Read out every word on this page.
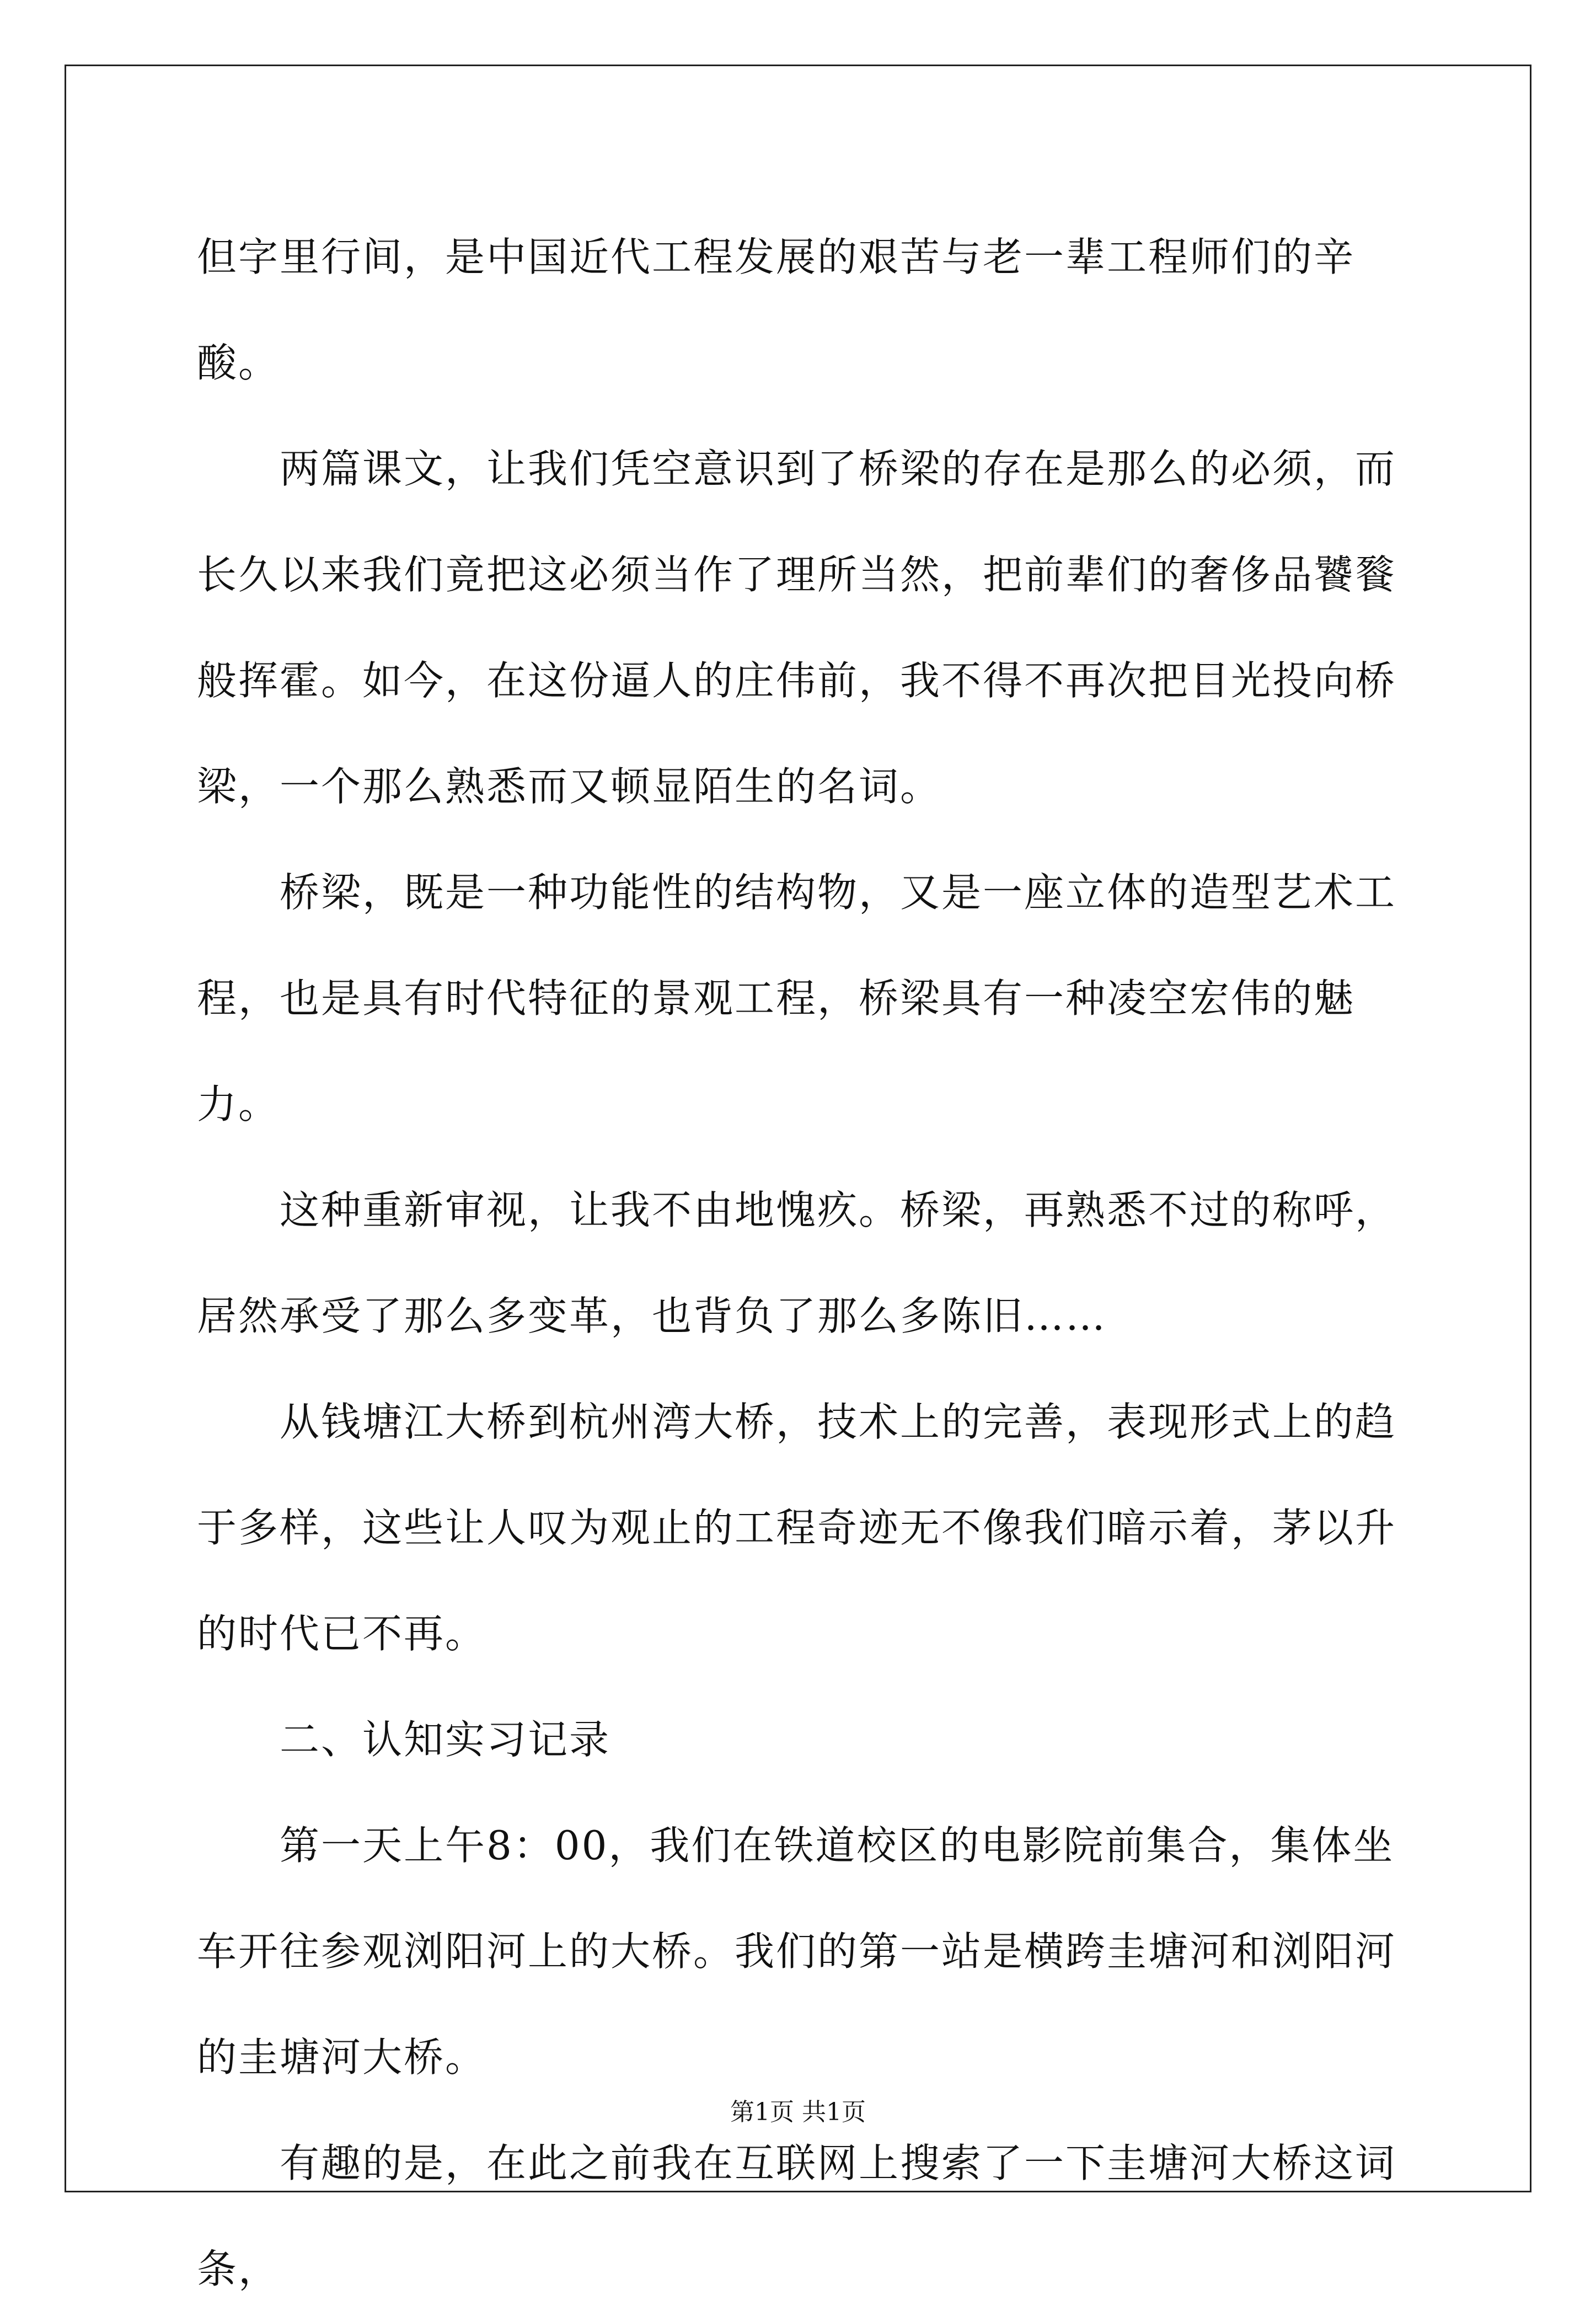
但字里行间，是中国近代工程发展的艰苦与老一辈工程师们的辛酸。

两篇课文，让我们凭空意识到了桥梁的存在是那么的必须，而长久以来我们竟把这必须当作了理所当然，把前辈们的奢侈品饕餮般挥霍。如今，在这份逼人的庄伟前，我不得不再次把目光投向桥梁，一个那么熟悉而又顿显陌生的名词。

桥梁，既是一种功能性的结构物，又是一座立体的造型艺术工程，也是具有时代特征的景观工程，桥梁具有一种凌空宏伟的魅力。

这种重新审视，让我不由地愧疚。桥梁，再熟悉不过的称呼，居然承受了那么多变革，也背负了那么多陈旧……

从钱塘江大桥到杭州湾大桥，技术上的完善，表现形式上的趋于多样，这些让人叹为观止的工程奇迹无不像我们暗示着，茅以升的时代已不再。

二、认知实习记录

第一天上午8：00，我们在铁道校区的电影院前集合，集体坐车开往参观浏阳河上的大桥。我们的第一站是横跨圭塘河和浏阳河的圭塘河大桥。

有趣的是，在此之前我在互联网上搜索了一下圭塘河大桥这词条，

第1页 共1页
